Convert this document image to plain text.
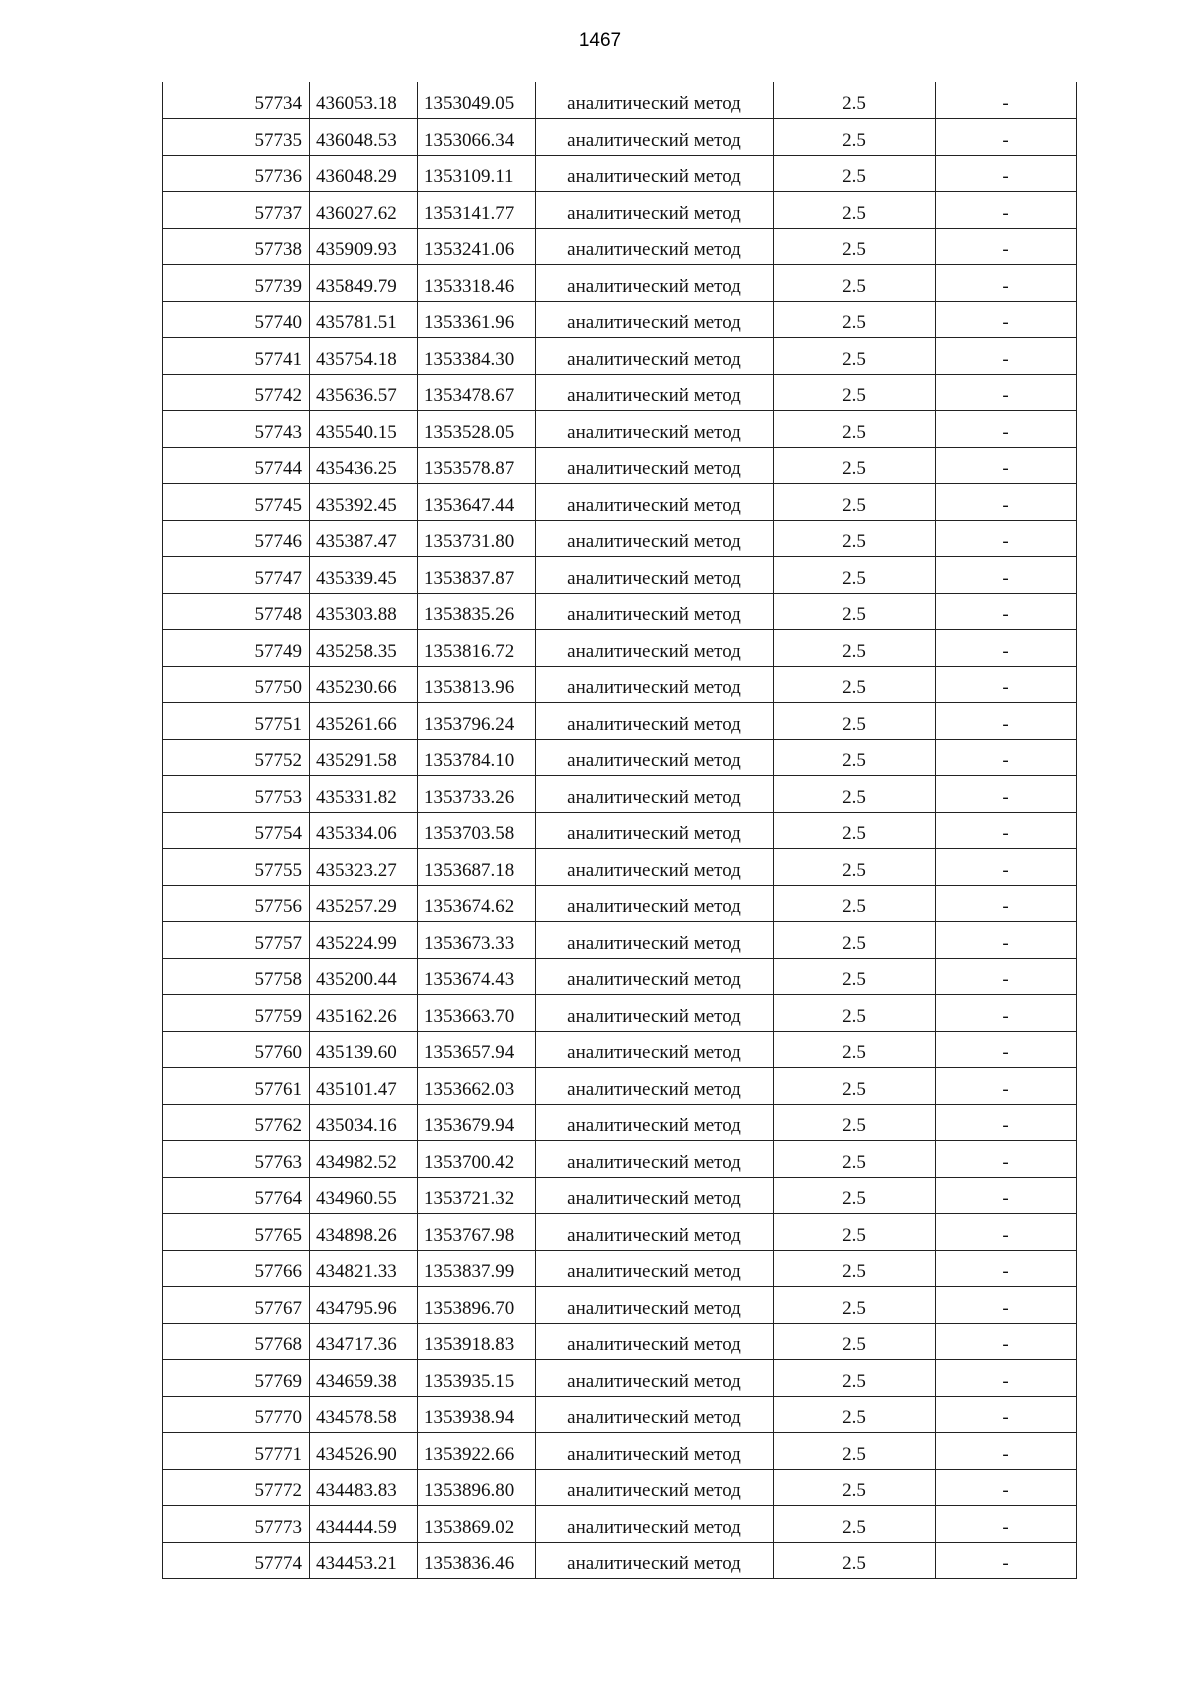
1467
57734	436053.18	1353049.05	аналитический метод	2.5	-
57735	436048.53	1353066.34	аналитический метод	2.5	-
57736	436048.29	1353109.11	аналитический метод	2.5	-
57737	436027.62	1353141.77	аналитический метод	2.5	-
57738	435909.93	1353241.06	аналитический метод	2.5	-
57739	435849.79	1353318.46	аналитический метод	2.5	-
57740	435781.51	1353361.96	аналитический метод	2.5	-
57741	435754.18	1353384.30	аналитический метод	2.5	-
57742	435636.57	1353478.67	аналитический метод	2.5	-
57743	435540.15	1353528.05	аналитический метод	2.5	-
57744	435436.25	1353578.87	аналитический метод	2.5	-
57745	435392.45	1353647.44	аналитический метод	2.5	-
57746	435387.47	1353731.80	аналитический метод	2.5	-
57747	435339.45	1353837.87	аналитический метод	2.5	-
57748	435303.88	1353835.26	аналитический метод	2.5	-
57749	435258.35	1353816.72	аналитический метод	2.5	-
57750	435230.66	1353813.96	аналитический метод	2.5	-
57751	435261.66	1353796.24	аналитический метод	2.5	-
57752	435291.58	1353784.10	аналитический метод	2.5	-
57753	435331.82	1353733.26	аналитический метод	2.5	-
57754	435334.06	1353703.58	аналитический метод	2.5	-
57755	435323.27	1353687.18	аналитический метод	2.5	-
57756	435257.29	1353674.62	аналитический метод	2.5	-
57757	435224.99	1353673.33	аналитический метод	2.5	-
57758	435200.44	1353674.43	аналитический метод	2.5	-
57759	435162.26	1353663.70	аналитический метод	2.5	-
57760	435139.60	1353657.94	аналитический метод	2.5	-
57761	435101.47	1353662.03	аналитический метод	2.5	-
57762	435034.16	1353679.94	аналитический метод	2.5	-
57763	434982.52	1353700.42	аналитический метод	2.5	-
57764	434960.55	1353721.32	аналитический метод	2.5	-
57765	434898.26	1353767.98	аналитический метод	2.5	-
57766	434821.33	1353837.99	аналитический метод	2.5	-
57767	434795.96	1353896.70	аналитический метод	2.5	-
57768	434717.36	1353918.83	аналитический метод	2.5	-
57769	434659.38	1353935.15	аналитический метод	2.5	-
57770	434578.58	1353938.94	аналитический метод	2.5	-
57771	434526.90	1353922.66	аналитический метод	2.5	-
57772	434483.83	1353896.80	аналитический метод	2.5	-
57773	434444.59	1353869.02	аналитический метод	2.5	-
57774	434453.21	1353836.46	аналитический метод	2.5	-
